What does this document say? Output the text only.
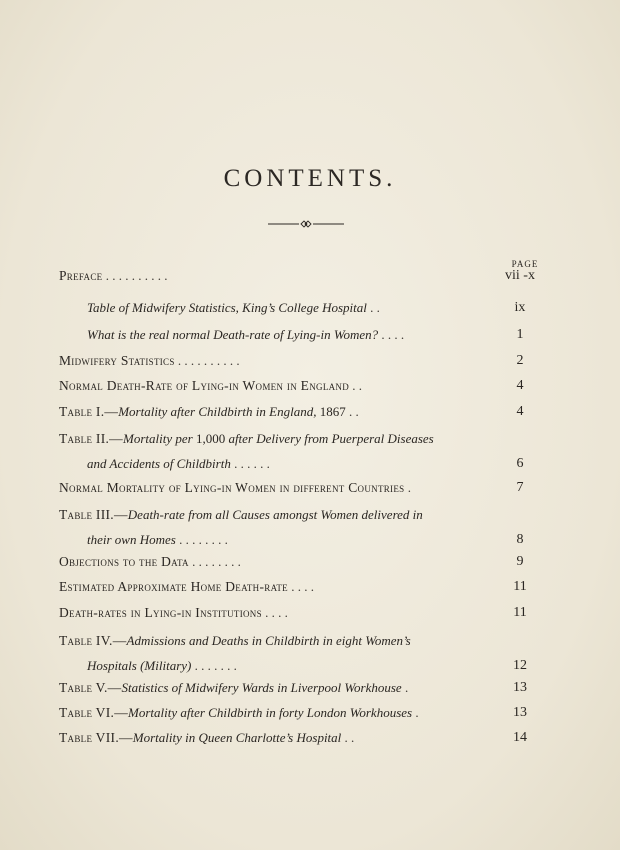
CONTENTS.
PAGE
Preface . . . . . . . . . .	vii -x
Table of Midwifery Statistics, King’s College Hospital . .	ix
What is the real normal Death-rate of Lying-in Women? . . . .	1
Midwifery Statistics . . . . . . . . . .	2
Normal Death-Rate of Lying-in Women in England . .	4
Table I.—Mortality after Childbirth in England, 1867 . .	4
Table II.—Mortality per 1,000 after Delivery from Puerperal Diseases
and Accidents of Childbirth . . . . . .	6
Normal Mortality of Lying-in Women in different Countries .	7
Table III.—Death-rate from all Causes amongst Women delivered in
their own Homes . . . . . . . .	8
Objections to the Data . . . . . . . .	9
Estimated Approximate Home Death-rate . . . .	11
Death-rates in Lying-in Institutions . . . .	11
Table IV.—Admissions and Deaths in Childbirth in eight Women’s
Hospitals (Military) . . . . . . .	12
Table V.—Statistics of Midwifery Wards in Liverpool Workhouse .	13
Table VI.—Mortality after Childbirth in forty London Workhouses .	13
Table VII.—Mortality in Queen Charlotte’s Hospital . .	14
